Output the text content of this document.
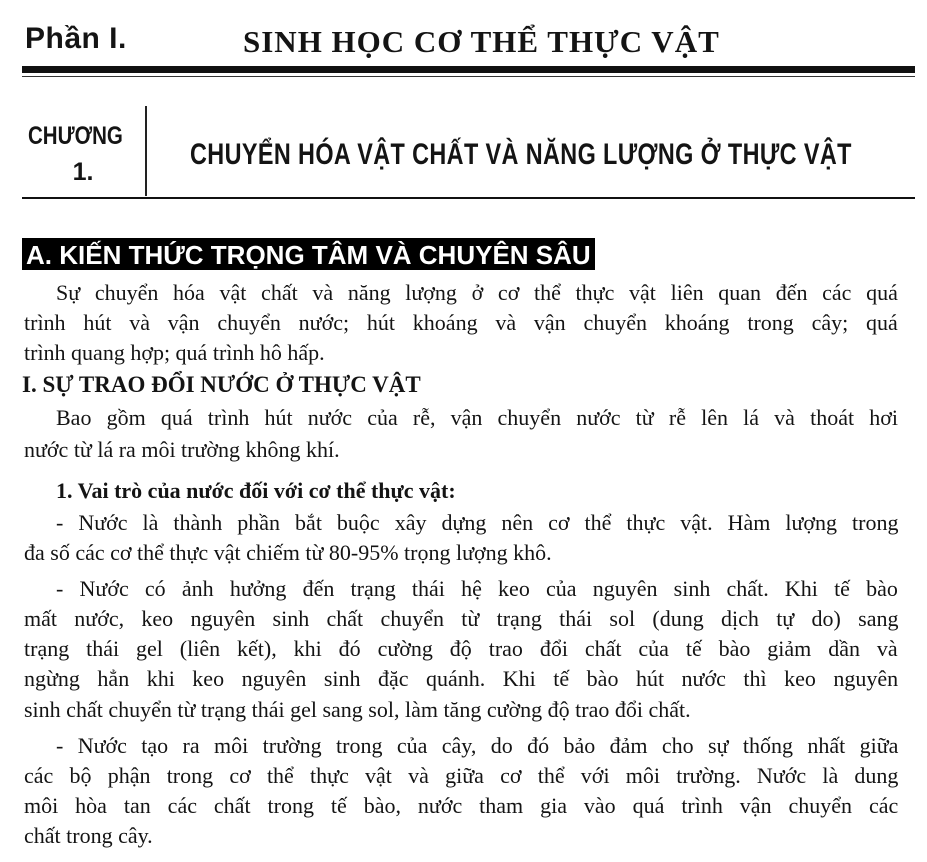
Phần I.	SINH HỌC CƠ THỂ THỰC VẬT
CHƯƠNG
1.
CHUYỂN HÓA VẬT CHẤT VÀ NĂNG LƯỢNG Ở THỰC VẬT
A. KIẾN THỨC TRỌNG TÂM VÀ CHUYÊN SÂU
Sự chuyển hóa vật chất và năng lượng ở cơ thể thực vật liên quan đến các quá
trình hút và vận chuyển nước; hút khoáng và vận chuyển khoáng trong cây; quá
trình quang hợp; quá trình hô hấp.
I. SỰ TRAO ĐỔI NƯỚC Ở THỰC VẬT
Bao gồm quá trình hút nước của rễ, vận chuyển nước từ rễ lên lá và thoát hơi
nước từ lá ra môi trường không khí.
1. Vai trò của nước đối với cơ thể thực vật:
- Nước là thành phần bắt buộc xây dựng nên cơ thể thực vật. Hàm lượng trong
đa số các cơ thể thực vật chiếm từ 80-95% trọng lượng khô.
- Nước có ảnh hưởng đến trạng thái hệ keo của nguyên sinh chất. Khi tế bào
mất nước, keo nguyên sinh chất chuyển từ trạng thái sol (dung dịch tự do) sang
trạng thái gel (liên kết), khi đó cường độ trao đổi chất của tế bào giảm dần và
ngừng hẳn khi keo nguyên sinh đặc quánh. Khi tế bào hút nước thì keo nguyên
sinh chất chuyển từ trạng thái gel sang sol, làm tăng cường độ trao đổi chất.
- Nước tạo ra môi trường trong của cây, do đó bảo đảm cho sự thống nhất giữa
các bộ phận trong cơ thể thực vật và giữa cơ thể với môi trường. Nước là dung
môi hòa tan các chất trong tế bào, nước tham gia vào quá trình vận chuyển các
chất trong cây.
